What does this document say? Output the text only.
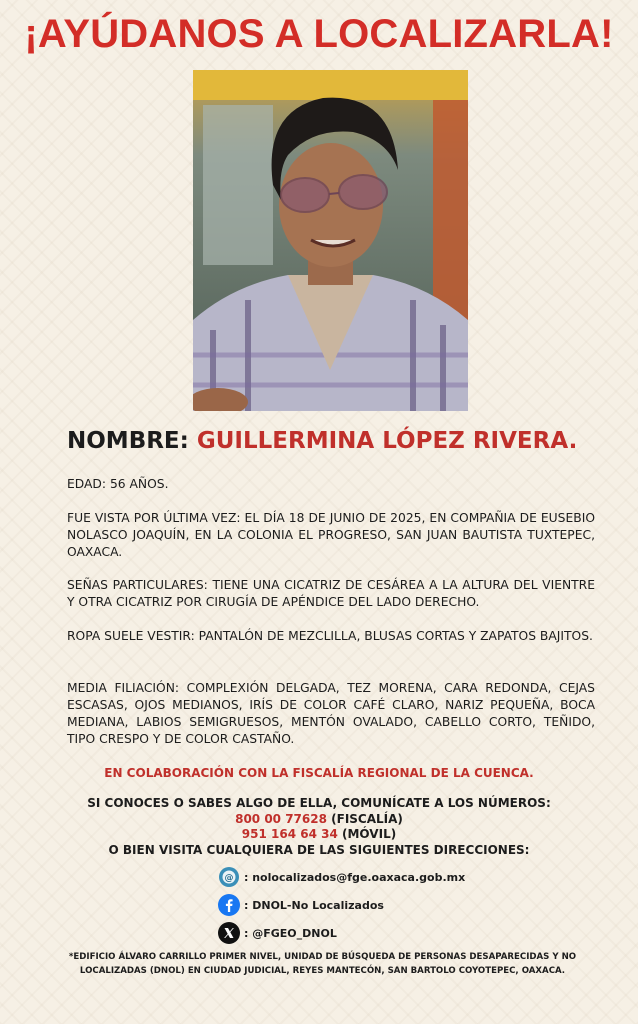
¡AYÚDANOS A LOCALIZARLA!
NOMBRE: GUILLERMINA LÓPEZ RIVERA.

EDAD: 56 AÑOS.

FUE VISTA POR ÚLTIMA VEZ: EL DÍA 18 DE JUNIO DE 2025, EN COMPAÑIA DE EUSEBIO NOLASCO JOAQUÍN, EN LA COLONIA EL PROGRESO, SAN JUAN BAUTISTA TUXTEPEC, OAXACA.

SEÑAS PARTICULARES: TIENE UNA CICATRIZ DE CESÁREA A LA ALTURA DEL VIENTRE Y OTRA CICATRIZ POR CIRUGÍA DE APÉNDICE DEL LADO DERECHO.

ROPA SUELE VESTIR: PANTALÓN DE MEZCLILLA, BLUSAS CORTAS Y ZAPATOS BAJITOS.

MEDIA FILIACIÓN: COMPLEXIÓN DELGADA, TEZ MORENA, CARA REDONDA, CEJAS ESCASAS, OJOS MEDIANOS, IRÍS DE COLOR CAFÉ CLARO, NARIZ PEQUEÑA, BOCA MEDIANA, LABIOS SEMIGRUESOS, MENTÓN OVALADO, CABELLO CORTO, TEÑIDO, TIPO CRESPO Y DE COLOR CASTAÑO.

EN COLABORACIÓN CON LA FISCALÍA REGIONAL DE LA CUENCA.
SI CONOCES O SABES ALGO DE ELLA, COMUNÍCATE A LOS NÚMEROS:
800 00 77628 (FISCALÍA)
951 164 64 34 (MÓVIL)
O BIEN VISITA CUALQUIERA DE LAS SIGUIENTES DIRECCIONES:
@ : nolocalizados@fge.oaxaca.gob.mx
: DNOL-No Localizados
: @FGEO_DNOL
*EDIFICIO ÁLVARO CARRILLO PRIMER NIVEL, UNIDAD DE BÚSQUEDA DE PERSONAS DESAPARECIDAS Y NO LOCALIZADAS (DNOL) EN CIUDAD JUDICIAL, REYES MANTECÓN, SAN BARTOLO COYOTEPEC, OAXACA.
